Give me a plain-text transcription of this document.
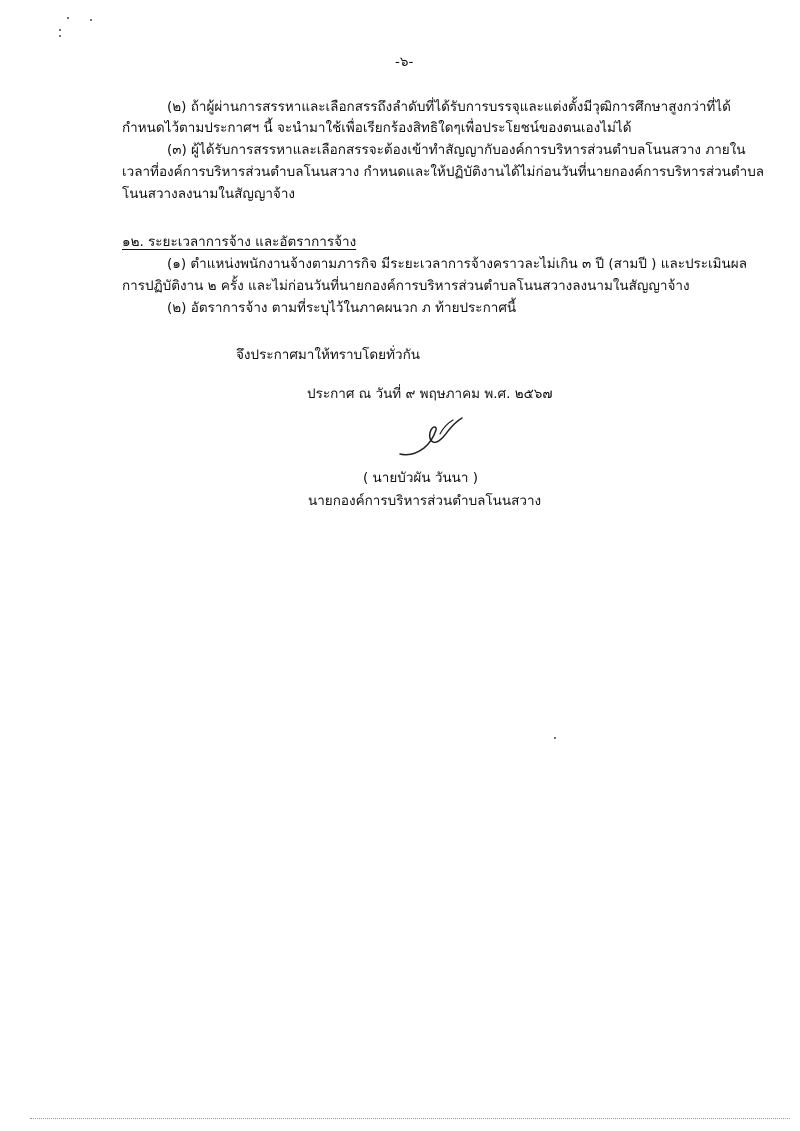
-๖-
(๒) ถ้าผู้ผ่านการสรรหาและเลือกสรรถึงลำดับที่ได้รับการบรรจุและแต่งตั้งมีวุฒิการศึกษาสูงกว่าที่ได้
กำหนดไว้ตามประกาศฯ นี้ จะนำมาใช้เพื่อเรียกร้องสิทธิใดๆเพื่อประโยชน์ของตนเองไม่ได้
(๓) ผู้ได้รับการสรรหาและเลือกสรรจะต้องเข้าทำสัญญากับองค์การบริหารส่วนตำบลโนนสวาง ภายใน
เวลาที่องค์การบริหารส่วนตำบลโนนสวาง กำหนดและให้ปฏิบัติงานได้ไม่ก่อนวันที่นายกองค์การบริหารส่วนตำบล
โนนสวางลงนามในสัญญาจ้าง
๑๒. ระยะเวลาการจ้าง และอัตราการจ้าง
(๑) ตำแหน่งพนักงานจ้างตามภารกิจ มีระยะเวลาการจ้างคราวละไม่เกิน ๓ ปี (สามปี ) และประเมินผล
การปฏิบัติงาน ๒ ครั้ง และไม่ก่อนวันที่นายกองค์การบริหารส่วนตำบลโนนสวางลงนามในสัญญาจ้าง
(๒) อัตราการจ้าง ตามที่ระบุไว้ในภาคผนวก ภ ท้ายประกาศนี้
จึงประกาศมาให้ทราบโดยทั่วกัน
ประกาศ ณ วันที่ ๙ พฤษภาคม พ.ศ. ๒๕๖๗
( นายบัวผัน วันนา )
นายกองค์การบริหารส่วนตำบลโนนสวาง
